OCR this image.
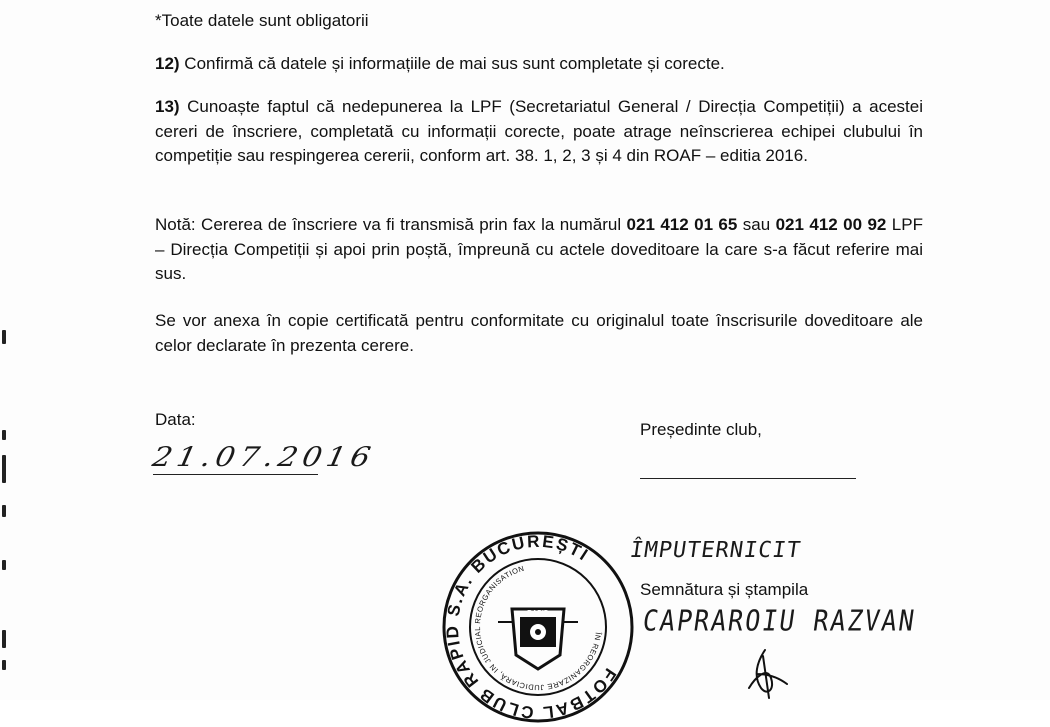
*Toate datele sunt obligatorii

12) Confirmă că datele și informațiile de mai sus sunt completate și corecte.

13) Cunoaște faptul că nedepunerea la LPF (Secretariatul General / Direcția Competiții) a acestei cereri de înscriere, completată cu informații corecte, poate atrage neînscrierea echipei clubului în competiție sau respingerea cererii, conform art. 38. 1, 2, 3 și 4 din ROAF – editia 2016.

Notă: Cererea de înscriere va fi transmisă prin fax la numărul 021 412 01 65 sau 021 412 00 92 LPF – Direcția Competiții și apoi prin poștă, împreună cu actele doveditoare la care s-a făcut referire mai sus.

Se vor anexa în copie certificată pentru conformitate cu originalul toate înscrisurile doveditoare ale celor declarate în prezenta cerere.

Data:

21.07.2016

Președinte club,

ÎMPUTERNICIT

Semnătura și ștampila

CAPRAROIU RAZVAN
FOTBAL CLUB RAPID S.A. BUCUREȘTI
ÎN REORGANIZARE JUDICIARĂ, IN JUDICIAL REORGANISATION
RAPID
